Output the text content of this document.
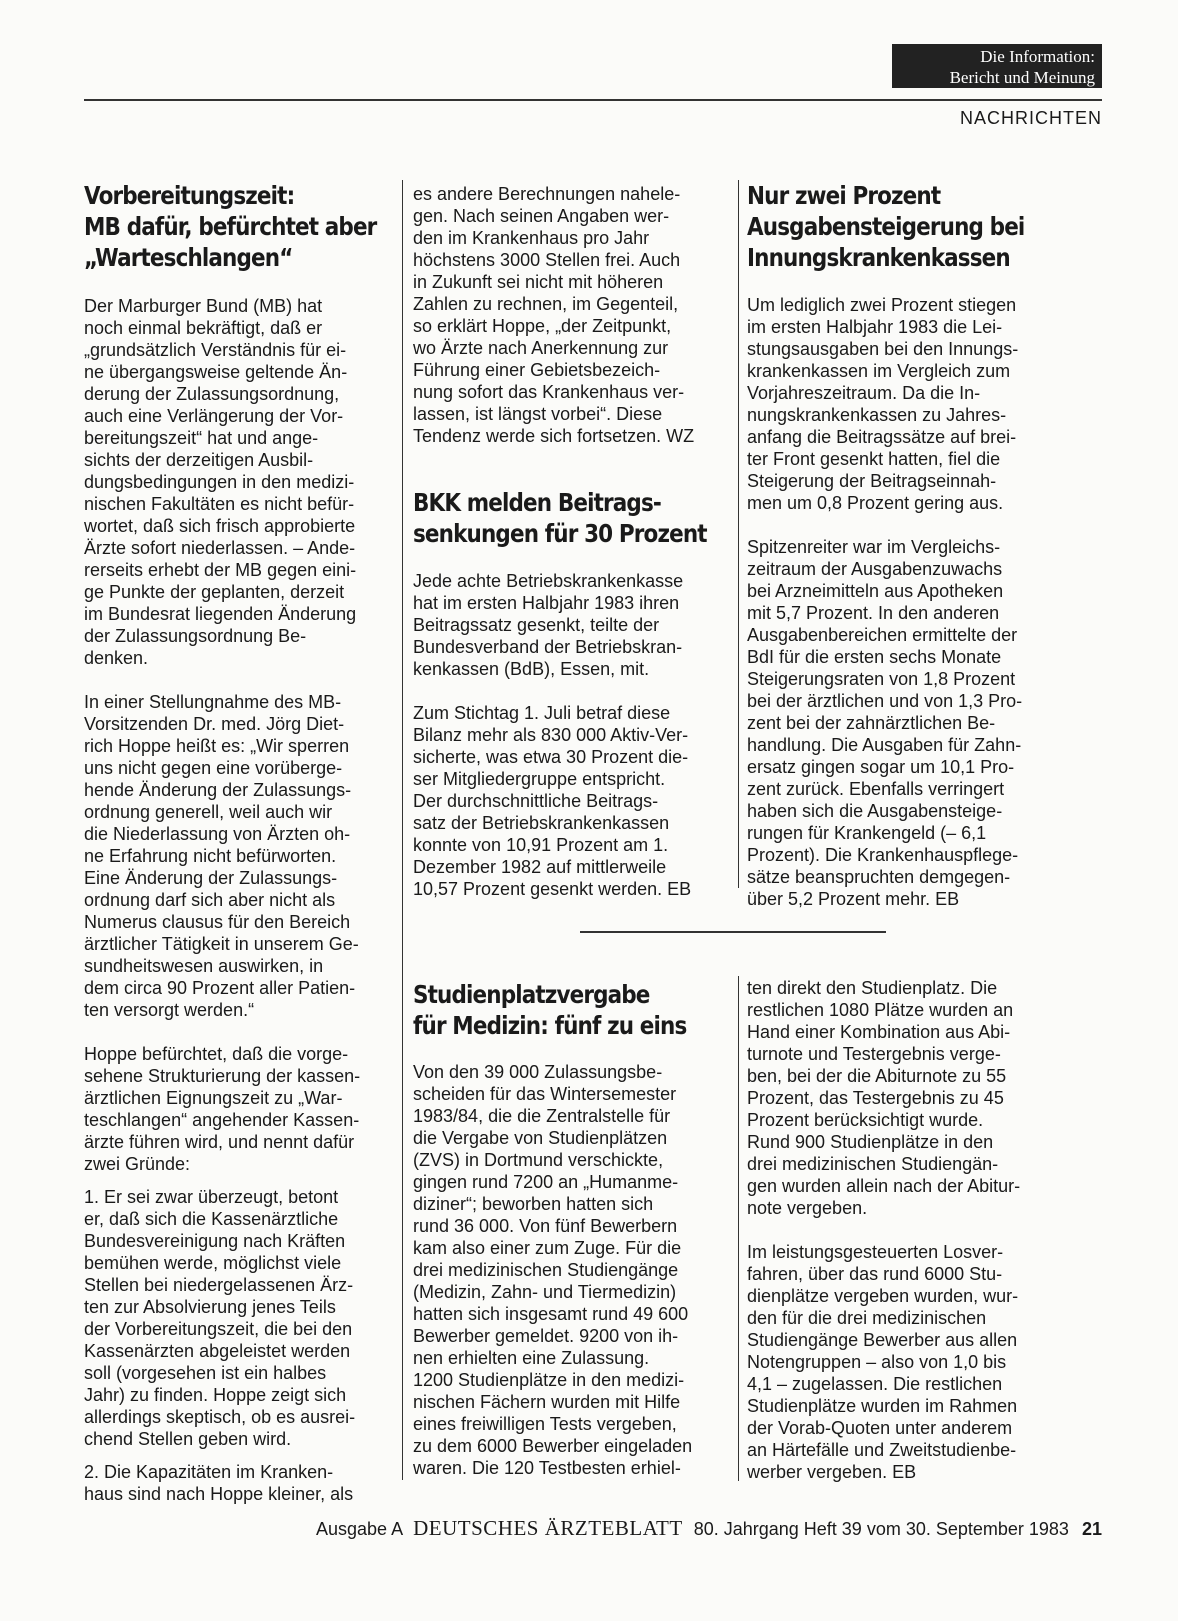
Die Information:
Bericht und Meinung
NACHRICHTEN
Vorbereitungszeit:
MB dafür, befürchtet aber
„Warteschlangen“

Der Marburger Bund (MB) hat
noch einmal bekräftigt, daß er
„grundsätzlich Verständnis für ei-
ne übergangsweise geltende Än-
derung der Zulassungsordnung,
auch eine Verlängerung der Vor-
bereitungszeit“ hat und ange-
sichts der derzeitigen Ausbil-
dungsbedingungen in den medizi-
nischen Fakultäten es nicht befür-
wortet, daß sich frisch approbierte
Ärzte sofort niederlassen. – Ande-
rerseits erhebt der MB gegen eini-
ge Punkte der geplanten, derzeit
im Bundesrat liegenden Änderung
der Zulassungsordnung Be-
denken.

In einer Stellungnahme des MB-
Vorsitzenden Dr. med. Jörg Diet-
rich Hoppe heißt es: „Wir sperren
uns nicht gegen eine vorüberge-
hende Änderung der Zulassungs-
ordnung generell, weil auch wir
die Niederlassung von Ärzten oh-
ne Erfahrung nicht befürworten.
Eine Änderung der Zulassungs-
ordnung darf sich aber nicht als
Numerus clausus für den Bereich
ärztlicher Tätigkeit in unserem Ge-
sundheitswesen auswirken, in
dem circa 90 Prozent aller Patien-
ten versorgt werden.“

Hoppe befürchtet, daß die vorge-
sehene Strukturierung der kassen-
ärztlichen Eignungszeit zu „War-
teschlangen“ angehender Kassen-
ärzte führen wird, und nennt dafür
zwei Gründe:

1. Er sei zwar überzeugt, betont
er, daß sich die Kassenärztliche
Bundesvereinigung nach Kräften
bemühen werde, möglichst viele
Stellen bei niedergelassenen Ärz-
ten zur Absolvierung jenes Teils
der Vorbereitungszeit, die bei den
Kassenärzten abgeleistet werden
soll (vorgesehen ist ein halbes
Jahr) zu finden. Hoppe zeigt sich
allerdings skeptisch, ob es ausrei-
chend Stellen geben wird.

2. Die Kapazitäten im Kranken-
haus sind nach Hoppe kleiner, als

es andere Berechnungen nahele-
gen. Nach seinen Angaben wer-
den im Krankenhaus pro Jahr
höchstens 3000 Stellen frei. Auch
in Zukunft sei nicht mit höheren
Zahlen zu rechnen, im Gegenteil,
so erklärt Hoppe, „der Zeitpunkt,
wo Ärzte nach Anerkennung zur
Führung einer Gebietsbezeich-
nung sofort das Krankenhaus ver-
lassen, ist längst vorbei“. Diese
Tendenz werde sich fortsetzen. WZ

BKK melden Beitrags-
senkungen für 30 Prozent

Jede achte Betriebskrankenkasse
hat im ersten Halbjahr 1983 ihren
Beitragssatz gesenkt, teilte der
Bundesverband der Betriebskran-
kenkassen (BdB), Essen, mit.

Zum Stichtag 1. Juli betraf diese
Bilanz mehr als 830 000 Aktiv-Ver-
sicherte, was etwa 30 Prozent die-
ser Mitgliedergruppe entspricht.
Der durchschnittliche Beitrags-
satz der Betriebskrankenkassen
konnte von 10,91 Prozent am 1.
Dezember 1982 auf mittlerweile
10,57 Prozent gesenkt werden. EB

Nur zwei Prozent
Ausgabensteigerung bei
Innungskrankenkassen

Um lediglich zwei Prozent stiegen
im ersten Halbjahr 1983 die Lei-
stungsausgaben bei den Innungs-
krankenkassen im Vergleich zum
Vorjahreszeitraum. Da die In-
nungskrankenkassen zu Jahres-
anfang die Beitragssätze auf brei-
ter Front gesenkt hatten, fiel die
Steigerung der Beitragseinnah-
men um 0,8 Prozent gering aus.

Spitzenreiter war im Vergleichs-
zeitraum der Ausgabenzuwachs
bei Arzneimitteln aus Apotheken
mit 5,7 Prozent. In den anderen
Ausgabenbereichen ermittelte der
BdI für die ersten sechs Monate
Steigerungsraten von 1,8 Prozent
bei der ärztlichen und von 1,3 Pro-
zent bei der zahnärztlichen Be-
handlung. Die Ausgaben für Zahn-
ersatz gingen sogar um 10,1 Pro-
zent zurück. Ebenfalls verringert
haben sich die Ausgabensteige-
rungen für Krankengeld (– 6,1
Prozent). Die Krankenhauspflege-
sätze beanspruchten demgegen-
über 5,2 Prozent mehr. EB

Studienplatzvergabe
für Medizin: fünf zu eins

Von den 39 000 Zulassungsbe-
scheiden für das Wintersemester
1983/84, die die Zentralstelle für
die Vergabe von Studienplätzen
(ZVS) in Dortmund verschickte,
gingen rund 7200 an „Humanme-
diziner“; beworben hatten sich
rund 36 000. Von fünf Bewerbern
kam also einer zum Zuge. Für die
drei medizinischen Studiengänge
(Medizin, Zahn- und Tiermedizin)
hatten sich insgesamt rund 49 600
Bewerber gemeldet. 9200 von ih-
nen erhielten eine Zulassung.
1200 Studienplätze in den medizi-
nischen Fächern wurden mit Hilfe
eines freiwilligen Tests vergeben,
zu dem 6000 Bewerber eingeladen
waren. Die 120 Testbesten erhiel-

ten direkt den Studienplatz. Die
restlichen 1080 Plätze wurden an
Hand einer Kombination aus Abi-
turnote und Testergebnis verge-
ben, bei der die Abiturnote zu 55
Prozent, das Testergebnis zu 45
Prozent berücksichtigt wurde.
Rund 900 Studienplätze in den
drei medizinischen Studiengän-
gen wurden allein nach der Abitur-
note vergeben.

Im leistungsgesteuerten Losver-
fahren, über das rund 6000 Stu-
dienplätze vergeben wurden, wur-
den für die drei medizinischen
Studiengänge Bewerber aus allen
Notengruppen – also von 1,0 bis
4,1 – zugelassen. Die restlichen
Studienplätze wurden im Rahmen
der Vorab-Quoten unter anderem
an Härtefälle und Zweitstudienbe-
werber vergeben. EB

Ausgabe A DEUTSCHES ÄRZTEBLATT 80. Jahrgang Heft 39 vom 30. September 1983 21
